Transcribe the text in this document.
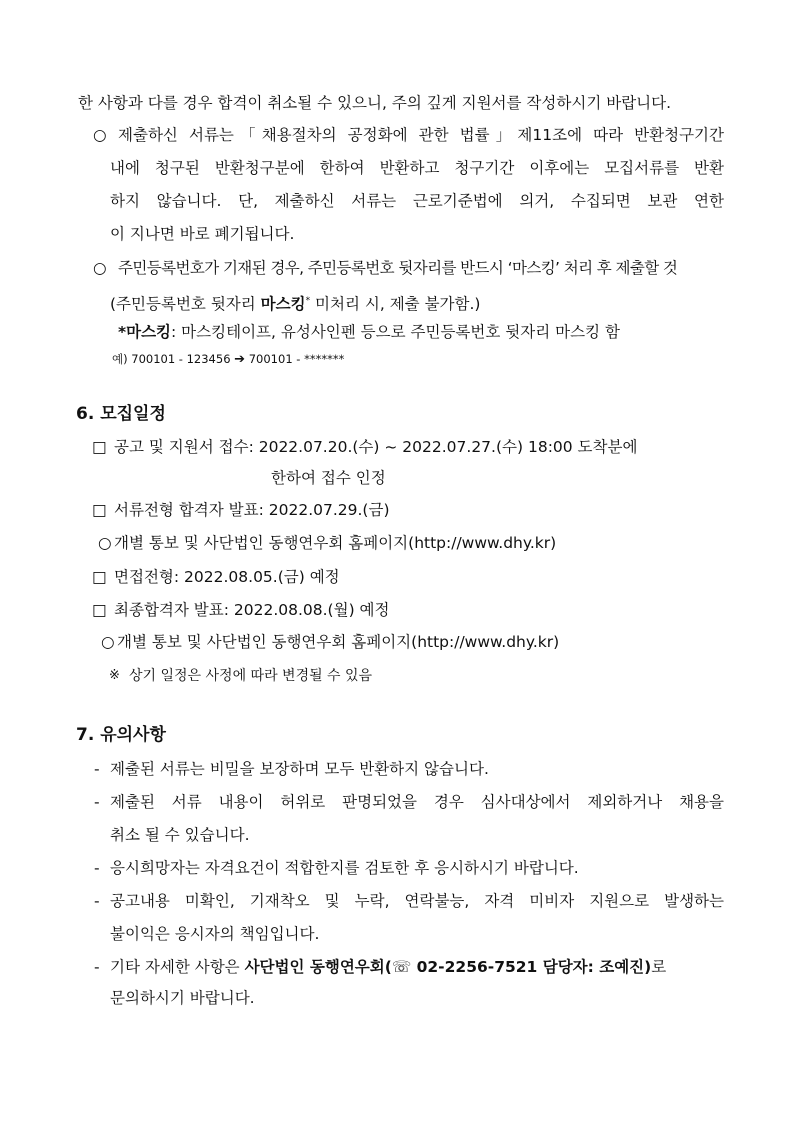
한 사항과 다를 경우 합격이 취소될 수 있으니, 주의 깊게 지원서를 작성하시기 바랍니다.
○ 제출하신 서류는「채용절차의 공정화에 관한 법률」제11조에 따라 반환청구기간
내에 청구된 반환청구분에 한하여 반환하고 청구기간 이후에는 모집서류를 반환
하지 않습니다. 단, 제출하신 서류는 근로기준법에 의거, 수집되면 보관 연한
이 지나면 바로 폐기됩니다.
○ 주민등록번호가 기재된 경우, 주민등록번호 뒷자리를 반드시 ‘마스킹’ 처리 후 제출할 것
(주민등록번호 뒷자리 마스킹* 미처리 시, 제출 불가함.)
*마스킹: 마스킹테이프, 유성사인펜 등으로 주민등록번호 뒷자리 마스킹 함
예) 700101 - 123456 ➔ 700101 - *******
6. 모집일정
□ 공고 및 지원서 접수: 2022.07.20.(수) ~ 2022.07.27.(수) 18:00 도착분에
한하여 접수 인정
□ 서류전형 합격자 발표: 2022.07.29.(금)
○ 개별 통보 및 사단법인 동행연우회 홈페이지(http://www.dhy.kr)
□ 면접전형: 2022.08.05.(금) 예정
□ 최종합격자 발표: 2022.08.08.(월) 예정
○ 개별 통보 및 사단법인 동행연우회 홈페이지(http://www.dhy.kr)
※ 상기 일정은 사정에 따라 변경될 수 있음
7. 유의사항
- 제출된 서류는 비밀을 보장하며 모두 반환하지 않습니다.
- 제출된 서류 내용이 허위로 판명되었을 경우 심사대상에서 제외하거나 채용을
취소 될 수 있습니다.
- 응시희망자는 자격요건이 적합한지를 검토한 후 응시하시기 바랍니다.
- 공고내용 미확인, 기재착오 및 누락, 연락불능, 자격 미비자 지원으로 발생하는
불이익은 응시자의 책임입니다.
- 기타 자세한 사항은 사단법인 동행연우회(☏ 02-2256-7521 담당자: 조예진)로
문의하시기 바랍니다.
